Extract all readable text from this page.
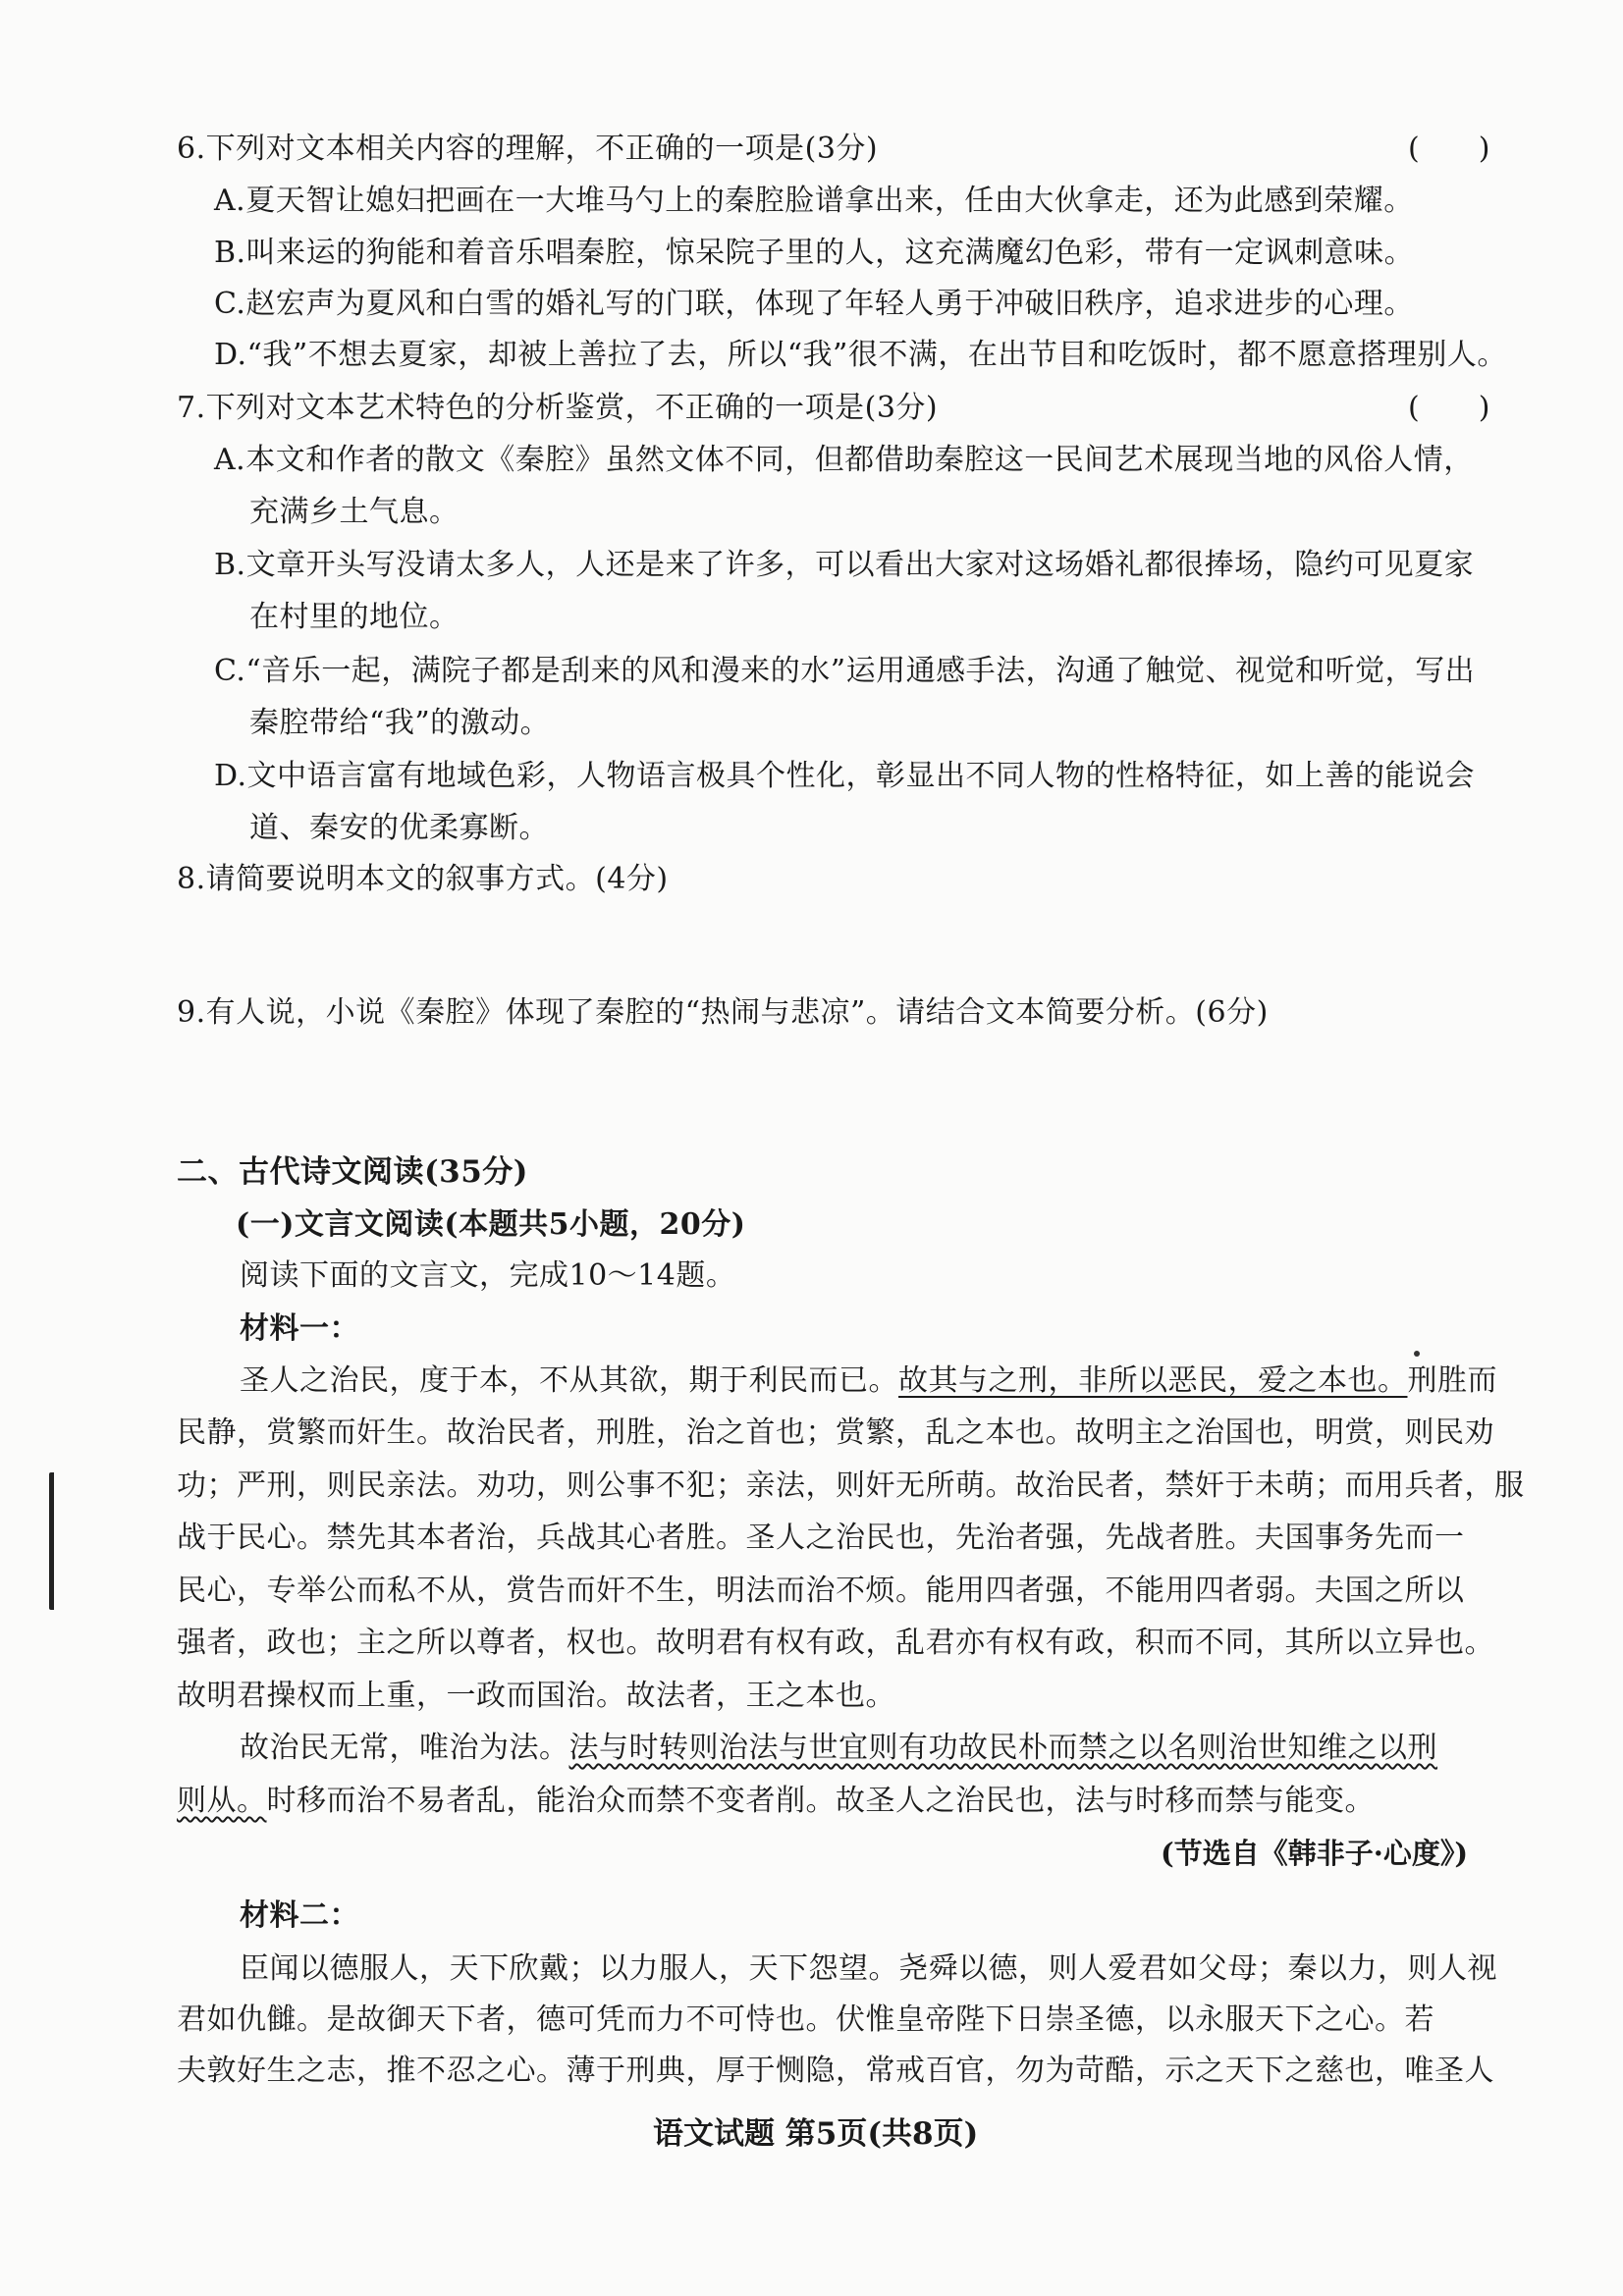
6.下列对文本相关内容的理解，不正确的一项是(3分)	(　　)
A.夏天智让媳妇把画在一大堆马勺上的秦腔脸谱拿出来，任由大伙拿走，还为此感到荣耀。
B.叫来运的狗能和着音乐唱秦腔，惊呆院子里的人，这充满魔幻色彩，带有一定讽刺意味。
C.赵宏声为夏风和白雪的婚礼写的门联，体现了年轻人勇于冲破旧秩序，追求进步的心理。
D.“我”不想去夏家，却被上善拉了去，所以“我”很不满，在出节目和吃饭时，都不愿意搭理别人。
7.下列对文本艺术特色的分析鉴赏，不正确的一项是(3分)	(　　)
A.本文和作者的散文《秦腔》虽然文体不同，但都借助秦腔这一民间艺术展现当地的风俗人情，
充满乡土气息。
B.文章开头写没请太多人，人还是来了许多，可以看出大家对这场婚礼都很捧场，隐约可见夏家
在村里的地位。
C.“音乐一起，满院子都是刮来的风和漫来的水”运用通感手法，沟通了触觉、视觉和听觉，写出
秦腔带给“我”的激动。
D.文中语言富有地域色彩，人物语言极具个性化，彰显出不同人物的性格特征，如上善的能说会
道、秦安的优柔寡断。
8.请简要说明本文的叙事方式。(4分)
9.有人说，小说《秦腔》体现了秦腔的“热闹与悲凉”。请结合文本简要分析。(6分)
二、古代诗文阅读(35分)
(一)文言文阅读(本题共5小题，20分)
阅读下面的文言文，完成10～14题。
材料一：
圣人之治民，度于本，不从其欲，期于利民而已。故其与之刑，非所以恶民，爱之本也。刑胜而
民静，赏繁而奸生。故治民者，刑胜，治之首也；赏繁，乱之本也。故明主之治国也，明赏，则民劝
功；严刑，则民亲法。劝功，则公事不犯；亲法，则奸无所萌。故治民者，禁奸于未萌；而用兵者，服
战于民心。禁先其本者治，兵战其心者胜。圣人之治民也，先治者强，先战者胜。夫国事务先而一
民心，专举公而私不从，赏告而奸不生，明法而治不烦。能用四者强，不能用四者弱。夫国之所以
强者，政也；主之所以尊者，权也。故明君有权有政，乱君亦有权有政，积而不同，其所以立异也。
故明君操权而上重，一政而国治。故法者，王之本也。
故治民无常，唯治为法。法与时转则治法与世宜则有功故民朴而禁之以名则治世知维之以刑
则从。时移而治不易者乱，能治众而禁不变者削。故圣人之治民也，法与时移而禁与能变。
(节选自《韩非子·心度》)
材料二：
臣闻以德服人，天下欣戴；以力服人，天下怨望。尧舜以德，则人爱君如父母；秦以力，则人视
君如仇雠。是故御天下者，德可凭而力不可恃也。伏惟皇帝陛下日崇圣德，以永服天下之心。若
夫敦好生之志，推不忍之心。薄于刑典，厚于恻隐，常戒百官，勿为苛酷，示之天下之慈也，唯圣人
语文试题 第5页(共8页)
